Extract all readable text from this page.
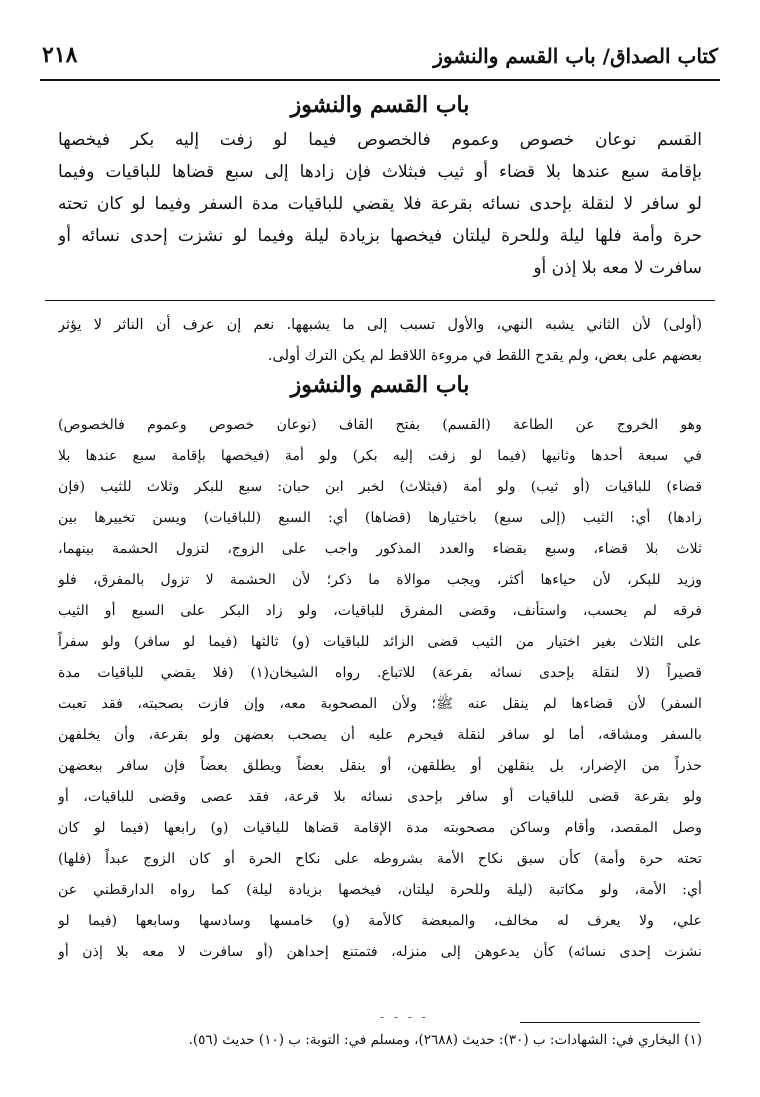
كتاب الصداق/ باب القسم والنشوز
٢١٨
باب القسم والنشوز
القسم نوعان خصوص وعموم فالخصوص فيما لو زفت إليه بكر فيخصها
بإقامة سبع عندها بلا قضاء أو ثيب فبثلاث فإن زادها إلى سبع قضاها للباقيات وفيما
لو سافر لا لنقلة بإحدى نسائه بقرعة فلا يقضي للباقيات مدة السفر وفيما لو كان تحته
حرة وأمة فلها ليلة وللحرة ليلتان فيخصها بزيادة ليلة وفيما لو نشزت إحدى نسائه أو
سافرت لا معه بلا إذن أو
(أولى) لأن الثاني يشبه النهي، والأول تسبب إلى ما يشبهها. نعم إن عرف أن الناثر لا يؤثر
بعضهم على بعض، ولم يقدح اللقط في مروءة اللاقط لم يكن الترك أولى.
باب القسم والنشوز
وهو الخروج عن الطاعة (القسم) بفتح القاف (نوعان خصوص وعموم فالخصوص)
في سبعة أحدها وثانيها (فيما لو زفت إليه بكر) ولو أمة (فيخصها بإقامة سبع عندها بلا
قضاء) للباقيات (أو ثيب) ولو أمة (فبثلاث) لخبر ابن حبان: سبع للبكر وثلاث للثيب (فإن
زادها) أي: الثيب (إلى سبع) باختيارها (قضاها) أي: السبع (للباقيات) ويسن تخييرها بين
ثلاث بلا قضاء، وسبع بقضاء والعدد المذكور واجب على الزوج، لتزول الحشمة بينهما،
وزيد للبكر، لأن حياءها أكثر، ويجب موالاة ما ذكر؛ لأن الحشمة لا تزول بالمفرق، فلو
فرقه لم يحسب، واستأنف، وقضى المفرق للباقيات، ولو زاد البكر على السبع أو الثيب
على الثلاث بغير اختيار من الثيب قضى الزائد للباقيات (و) ثالثها (فيما لو سافر) ولو سفراً
قصيراً (لا لنقلة بإحدى نسائه بقرعة) للاتباع. رواه الشيخان(١) (فلا يقضي للباقيات مدة
السفر) لأن قضاءها لم ينقل عنه ﷺ؛ ولأن المصحوبة معه، وإن فازت بصحبته، فقد تعبت
بالسفر ومشاقه، أما لو سافر لنقلة فيحرم عليه أن يصحب بعضهن ولو بقرعة، وأن يخلفهن
حذراً من الإضرار، بل ينقلهن أو يطلقهن، أو ينقل بعضاً ويطلق بعضاً فإن سافر ببعضهن
ولو بقرعة قضى للباقيات أو سافر بإحدى نسائه بلا قرعة، فقد عصى وقضى للباقيات، أو
وصل المقصد، وأقام وساكن مصحوبته مدة الإقامة قضاها للباقيات (و) رابعها (فيما لو كان
تحته حرة وأمة) كأن سبق نكاح الأمة بشروطه على نكاح الحرة أو كان الزوج عبداً (فلها)
أي: الأمة، ولو مكاتبة (ليلة وللحرة ليلتان، فيخصها بزيادة ليلة) كما رواه الدارقطني عن
علي، ولا يعرف له مخالف، والمبعضة كالأمة (و) خامسها وسادسها وسابعها (فيما لو
نشزت إحدى نسائه) كأن يدعوهن إلى منزله، فتمتنع إحداهن (أو سافرت لا معه بلا إذن أو
- - - -
(١) البخاري في: الشهادات: ب (٣٠): حديث (٢٦٨٨)، ومسلم في: التوبة: ب (١٠) حديث (٥٦).
